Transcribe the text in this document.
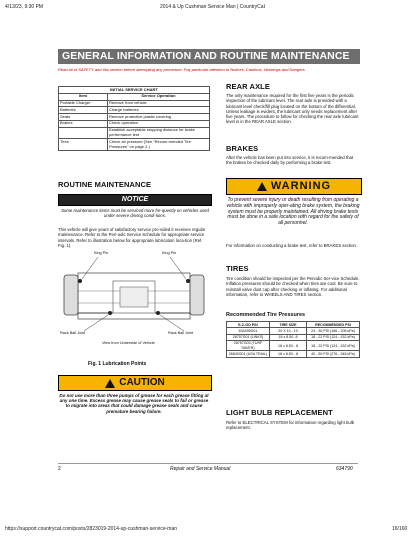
4/13/23, 9:30 PM	2014 & Up Cushman Service Man | CountryCat
GENERAL INFORMATION AND ROUTINE MAINTENANCE
Read all of SAFETY and this section before attempting any procedure. Pay particular attention to Notices, Cautions, Warnings and Dangers.
INITIAL SERVICE CHART	
Item	Service Operation
Portable Charger	Remove from vehicle
Batteries	Charge batteries
Seats	Remove protective plastic covering
Brakes	Check operation
	Establish acceptable stopping distance for brake performance test
Tires	Check air pressure (See "Recom-mended Tire Pressures" on page 2.)
ROUTINE MAINTENANCE
NOTICE
Some maintenance items must be serviced more fre-quently on vehicles used under severe driving condi-tions.
This vehicle will give years of satisfactory service pro-vided it receives regular maintenance. Refer to the Peri-odic Service Schedule for appropriate service intervals. Refer to illustration below for appropriate lubrication loca-tion (Ref. Fig. 1).
King Pin	King Pin
Rack Ball Joint	Rack Ball Joint
View from Underside of Vehicle
Fig. 1 Lubrication Points
CAUTION
Do not use more than three pumps of grease for each grease fitting at any one time. Excess grease may cause grease seals to fail or grease to migrate into areas that could damage grease seals and cause premature bearing failure.
REAR AXLE
The only maintenance required for the first five years is the periodic inspection of the lubricant level. The rear axle is provided with a lubricant level check/fill plug located on the bottom of the differential. Unless leakage is evident, the lubricant only needs replacement after five years. The procedure to follow for checking the rear axle lubricant level is in the REAR AXLE section.
BRAKES
After the vehicle has been put into service, it is recom-mended that the brakes be checked daily by performing a brake test.
WARNING
To prevent severe injury or death resulting from operating a vehicle with improperly oper-ating brake system, the braking system must be properly maintained. All driving brake tests must be done in a safe location with regard for the safety of all personnel.
For information on conducting a brake test, refer to BRAKES section.
TIRES
Tire condition should be inspected per the Periodic Ser-vice Schedule. Inflation pressures should be checked when tires are cool. Be sure to reinstall valve dust cap after checking or inflating. For additional information, refer to WHEELS AND TIRES section.
Recommended Tire Pressures
E-Z-GO P/N	TIRE SIZE	RECOMMENDED PSI
634495G01	20 X 10 - 10	24 - 30 PSI (166 - 206 kPa)
28757G01 (LINKS)	18 x 8.50- 8	18 - 22 PSI (124 - 152 kPa)
28757G03 (TURF SAVER)	18 x 8.50 - 8	18 - 22 PSI (124 - 152 kPa)
26842G01 (USA TRAIL)	18 x 8.50 - 8	40 - 50 PSI (276 - 345 kPa)
LIGHT BULB REPLACEMENT
Refer to ELECTRICAL SYSTEM for information regarding light bulb replacement.
2	Repair and Service Manual	634790
https://support.countrycat.com/posts/2823019-2014-up-cushman-service-man	16/160
